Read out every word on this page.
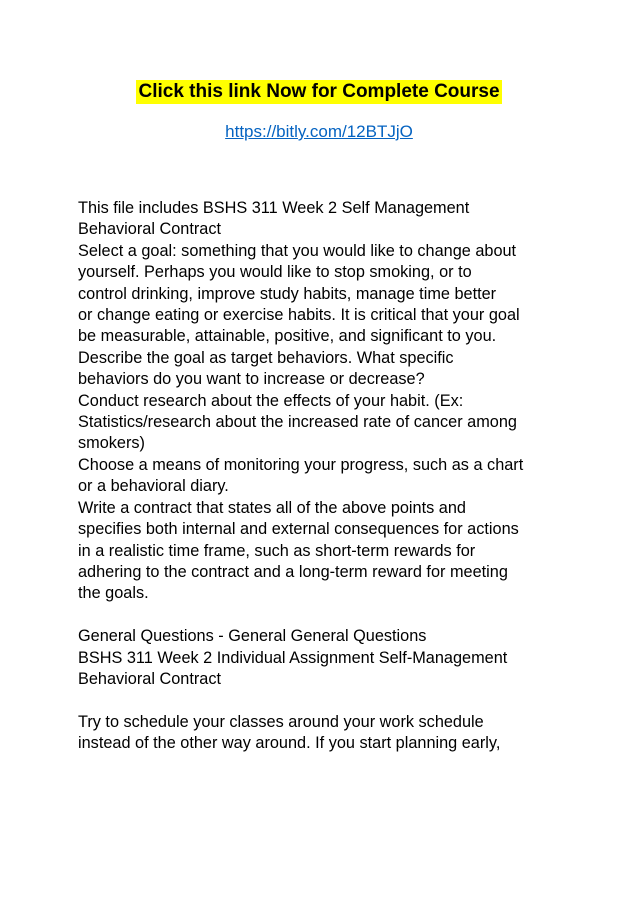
Click this link Now for Complete Course
https://bitly.com/12BTJjO

This file includes BSHS 311 Week 2 Self Management
Behavioral Contract
Select a goal: something that you would like to change about
yourself. Perhaps you would like to stop smoking, or to
control drinking, improve study habits, manage time better
or change eating or exercise habits. It is critical that your goal
be measurable, attainable, positive, and significant to you.
Describe the goal as target behaviors. What specific
behaviors do you want to increase or decrease?
Conduct research about the effects of your habit. (Ex:
Statistics/research about the increased rate of cancer among
smokers)
Choose a means of monitoring your progress, such as a chart
or a behavioral diary.
Write a contract that states all of the above points and
specifies both internal and external consequences for actions
in a realistic time frame, such as short-term rewards for
adhering to the contract and a long-term reward for meeting
the goals.

General Questions - General General Questions
BSHS 311 Week 2 Individual Assignment Self-Management
Behavioral Contract

Try to schedule your classes around your work schedule
instead of the other way around. If you start planning early,
